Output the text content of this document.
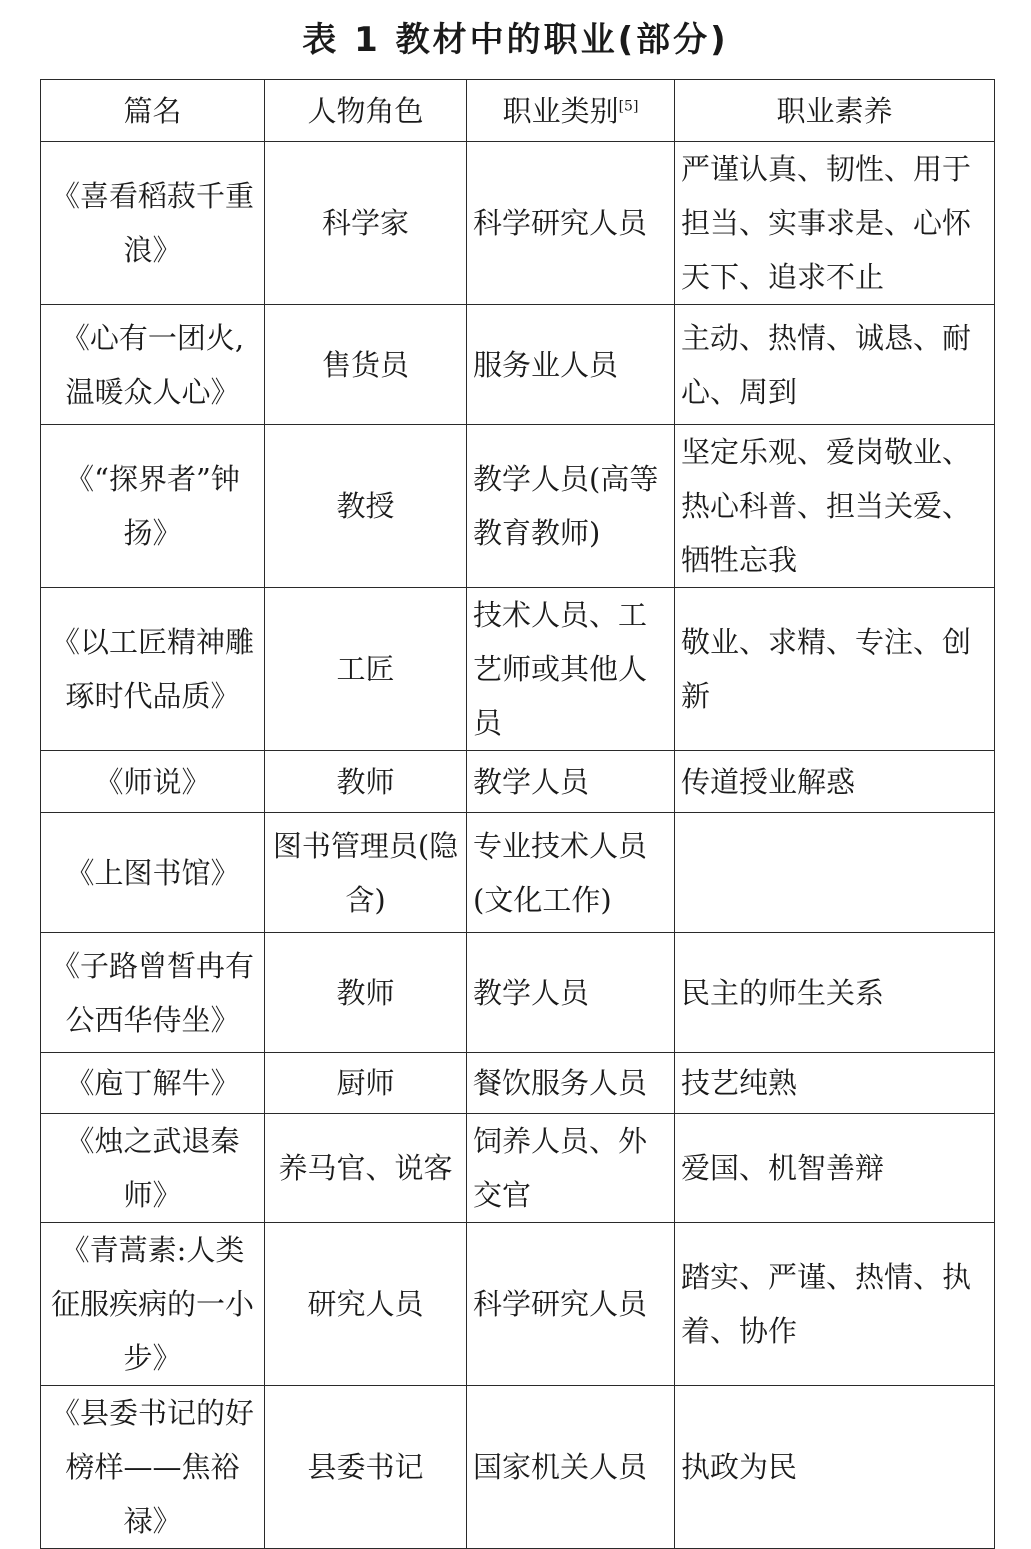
表 1 教材中的职业(部分)
篇名	人物角色	职业类别[5]	职业素养
《喜看稻菽千重浪》	科学家	科学研究人员	严谨认真、韧性、用于担当、实事求是、心怀天下、追求不止
《心有一团火,温暖众人心》	售货员	服务业人员	主动、热情、诚恳、耐心、周到
《“探界者”钟扬》	教授	教学人员(高等教育教师)	坚定乐观、爱岗敬业、热心科普、担当关爱、牺牲忘我
《以工匠精神雕琢时代品质》	工匠	技术人员、工艺师或其他人员	敬业、求精、专注、创新
《师说》	教师	教学人员	传道授业解惑
《上图书馆》	图书管理员(隐含)	专业技术人员(文化工作)	
《子路曾皙冉有公西华侍坐》	教师	教学人员	民主的师生关系
《庖丁解牛》	厨师	餐饮服务人员	技艺纯熟
《烛之武退秦师》	养马官、说客	饲养人员、外交官	爱国、机智善辩
《青蒿素:人类征服疾病的一小步》	研究人员	科学研究人员	踏实、严谨、热情、执着、协作
《县委书记的好榜样——焦裕禄》	县委书记	国家机关人员	执政为民
